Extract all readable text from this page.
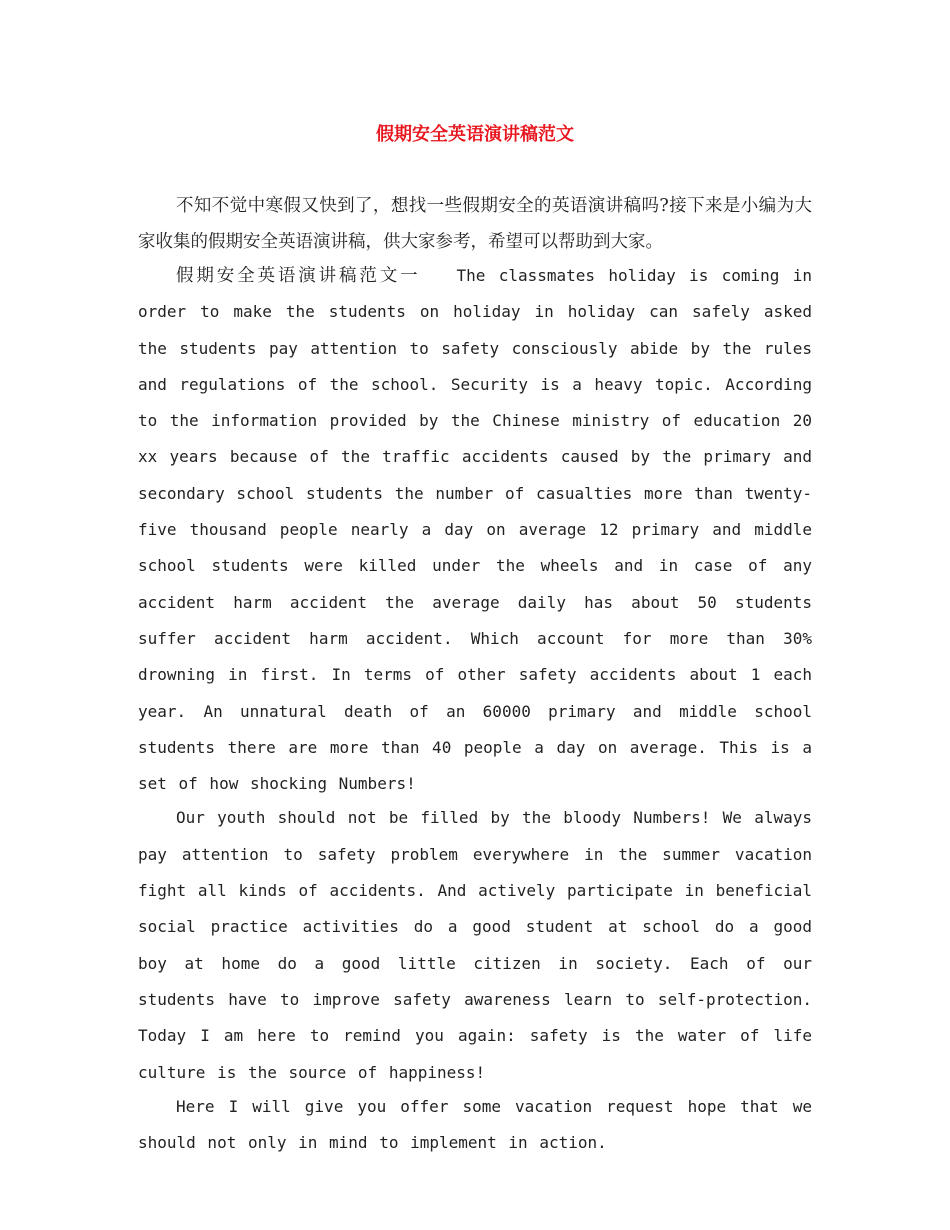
假期安全英语演讲稿范文

不知不觉中寒假又快到了，想找一些假期安全的英语演讲稿吗?接下来是小编为大家收集的假期安全英语演讲稿，供大家参考，希望可以帮助到大家。

假期安全英语演讲稿范文一 The classmates holiday is coming in order to make the students on holiday in holiday can safely asked the students pay attention to safety consciously abide by the rules and regulations of the school. Security is a heavy topic. According to the information provided by the Chinese ministry of education 20 xx years because of the traffic accidents caused by the primary and secondary school students the number of casualties more than twenty-five thousand people nearly a day on average 12 primary and middle school students were killed under the wheels and in case of any accident harm accident the average daily has about 50 students suffer accident harm accident. Which account for more than 30% drowning in first. In terms of other safety accidents about 1 each year. An unnatural death of an 60000 primary and middle school students there are more than 40 people a day on average. This is a set of how shocking Numbers!

Our youth should not be filled by the bloody Numbers! We always pay attention to safety problem everywhere in the summer vacation fight all kinds of accidents. And actively participate in beneficial social practice activities do a good student at school do a good boy at home do a good little citizen in society. Each of our students have to improve safety awareness learn to self-protection. Today I am here to remind you again: safety is the water of life culture is the source of happiness!

Here I will give you offer some vacation request hope that we should not only in mind to implement in action.
